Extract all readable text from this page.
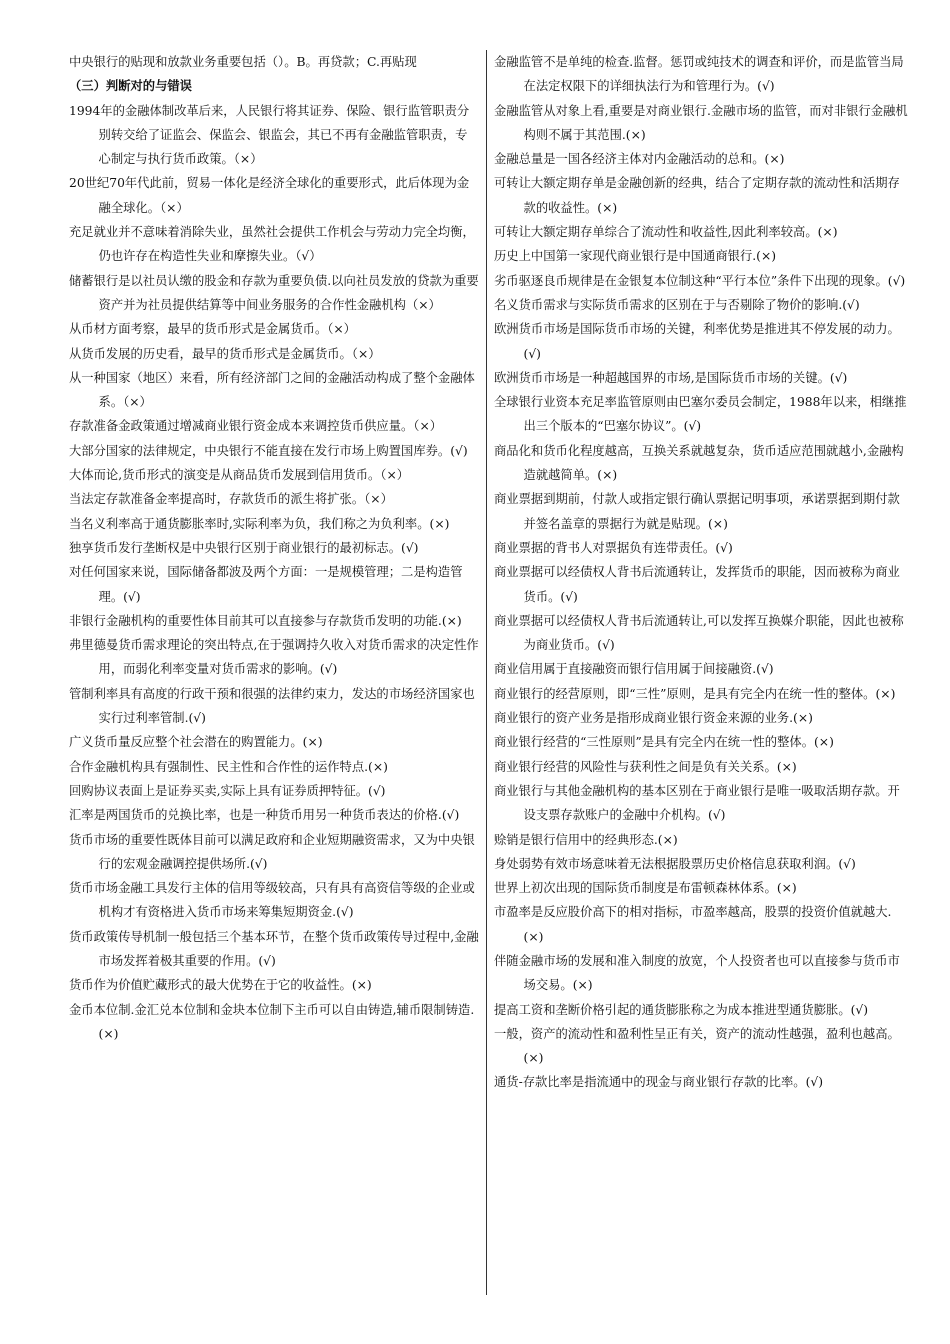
中央银行的贴现和放款业务重要包括（）。B。再贷款；C.再贴现

（三）判断对的与错误

1994年的金融体制改革后来，人民银行将其证券、保险、银行监管职责分别转交给了证监会、保监会、银监会，其已不再有金融监管职责，专心制定与执行货币政策。（×）

20世纪70年代此前，贸易一体化是经济全球化的重要形式，此后体现为金融全球化。（×）

充足就业并不意味着消除失业，虽然社会提供工作机会与劳动力完全均衡，仍也许存在构造性失业和摩擦失业。（√）

储蓄银行是以社员认缴的股金和存款为重要负债.以向社员发放的贷款为重要资产并为社员提供结算等中间业务服务的合作性金融机构（×）

从币材方面考察，最早的货币形式是金属货币。（×）

从货币发展的历史看，最早的货币形式是金属货币。（×）

从一种国家（地区）来看，所有经济部门之间的金融活动构成了整个金融体系。（×）

存款准备金政策通过增减商业银行资金成本来调控货币供应量。（×）

大部分国家的法律规定，中央银行不能直接在发行市场上购置国库券。(√)

大体而论,货币形式的演变是从商品货币发展到信用货币。（×）

当法定存款准备金率提高时，存款货币的派生将扩张。（×）

当名义利率高于通货膨胀率时,实际利率为负，我们称之为负利率。(×)

独享货币发行垄断权是中央银行区别于商业银行的最初标志。(√)

对任何国家来说，国际储备都波及两个方面：一是规模管理；二是构造管理。(√)

非银行金融机构的重要性体目前其可以直接参与存款货币发明的功能.(×)

弗里德曼货币需求理论的突出特点,在于强调持久收入对货币需求的决定性作用，而弱化利率变量对货币需求的影响。(√)

管制利率具有高度的行政干预和很强的法律约束力，发达的市场经济国家也实行过利率管制.(√)

广义货币量反应整个社会潜在的购置能力。(×)

合作金融机构具有强制性、民主性和合作性的运作特点.(×)

回购协议表面上是证券买卖,实际上具有证券质押特征。(√)

汇率是两国货币的兑换比率，也是一种货币用另一种货币表达的价格.(√)

货币市场的重要性既体目前可以满足政府和企业短期融资需求，又为中央银行的宏观金融调控提供场所.(√)

货币市场金融工具发行主体的信用等级较高，只有具有高资信等级的企业或机构才有资格进入货币市场来筹集短期资金.(√)

货币政策传导机制一般包括三个基本环节，在整个货币政策传导过程中,金融市场发挥着极其重要的作用。(√)

货币作为价值贮藏形式的最大优势在于它的收益性。(×)

金币本位制.金汇兑本位制和金块本位制下主币可以自由铸造,辅币限制铸造.(×)

金融监管不是单纯的检查.监督。惩罚或纯技术的调查和评价，而是监管当局在法定权限下的详细执法行为和管理行为。(√)

金融监管从对象上看,重要是对商业银行.金融市场的监管，而对非银行金融机构则不属于其范围.(×)

金融总量是一国各经济主体对内金融活动的总和。(×)

可转让大额定期存单是金融创新的经典，结合了定期存款的流动性和活期存款的收益性。(×)

可转让大额定期存单综合了流动性和收益性,因此利率较高。(×)

历史上中国第一家现代商业银行是中国通商银行.(×)

劣币驱逐良币规律是在金银复本位制这种“平行本位”条件下出现的现象。(√)

名义货币需求与实际货币需求的区别在于与否剔除了物价的影响.(√)

欧洲货币市场是国际货币市场的关键，利率优势是推进其不停发展的动力。(√)

欧洲货币市场是一种超越国界的市场,是国际货币市场的关键。(√)

全球银行业资本充足率监管原则由巴塞尔委员会制定，1988年以来，相继推出三个版本的“巴塞尔协议”。(√)

商品化和货币化程度越高，互换关系就越复杂，货币适应范围就越小,金融构造就越简单。(×)

商业票据到期前，付款人或指定银行确认票据记明事项，承诺票据到期付款并签名盖章的票据行为就是贴现。(×)

商业票据的背书人对票据负有连带责任。(√)

商业票据可以经债权人背书后流通转让，发挥货币的职能，因而被称为商业货币。(√)

商业票据可以经债权人背书后流通转让,可以发挥互换媒介职能，因此也被称为商业货币。(√)

商业信用属于直接融资而银行信用属于间接融资.(√)

商业银行的经营原则，即“三性”原则，是具有完全内在统一性的整体。(×)

商业银行的资产业务是指形成商业银行资金来源的业务.(×)

商业银行经营的“三性原则”是具有完全内在统一性的整体。(×)

商业银行经营的风险性与获利性之间是负有关关系。(×)

商业银行与其他金融机构的基本区别在于商业银行是唯一吸取活期存款。开设支票存款账户的金融中介机构。(√)

赊销是银行信用中的经典形态.(×)

身处弱势有效市场意味着无法根据股票历史价格信息获取利润。(√)

世界上初次出现的国际货币制度是布雷顿森林体系。(×)

市盈率是反应股价高下的相对指标，市盈率越高，股票的投资价值就越大.(×)

伴随金融市场的发展和准入制度的放宽，个人投资者也可以直接参与货币市场交易。(×)

提高工资和垄断价格引起的通货膨胀称之为成本推进型通货膨胀。(√)

一般，资产的流动性和盈利性呈正有关，资产的流动性越强，盈利也越高。(×)

通货-存款比率是指流通中的现金与商业银行存款的比率。(√)
